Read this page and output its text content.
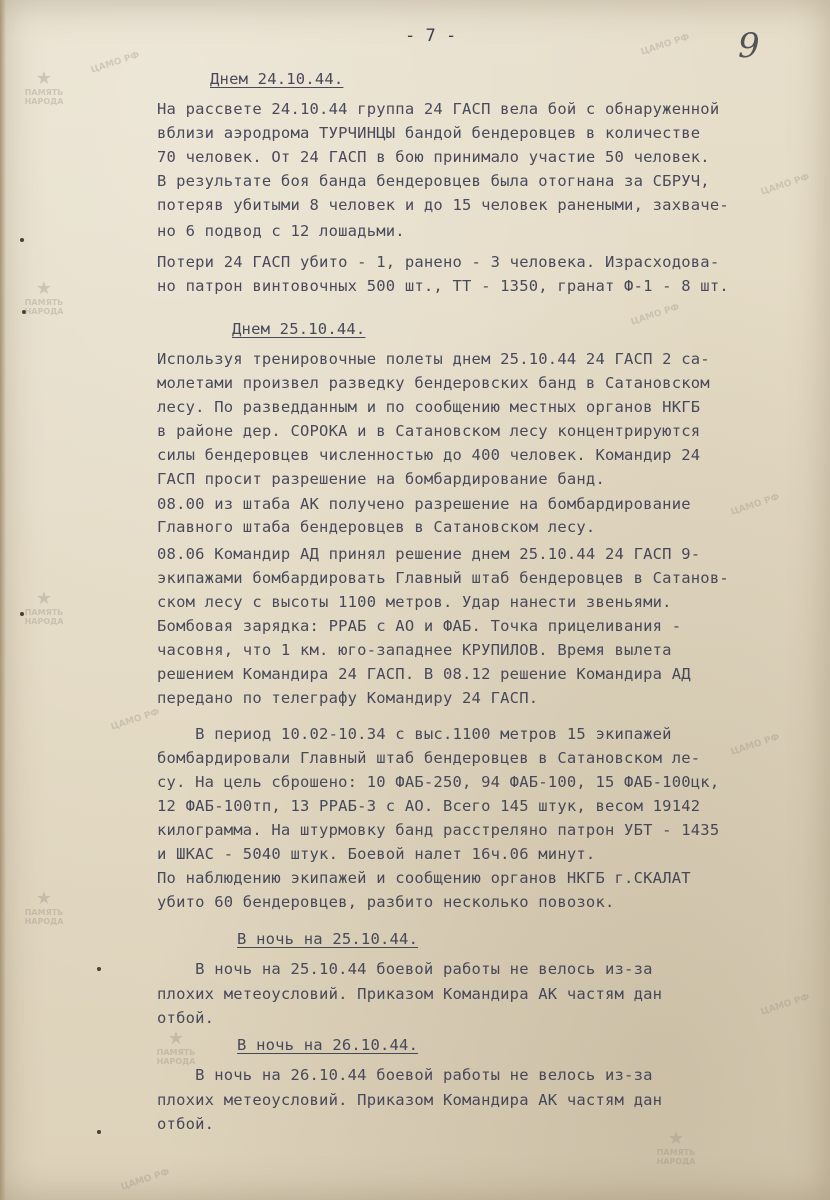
★
ПАМЯТЬ НАРОДА
★
ПАМЯТЬ НАРОДА
★
ПАМЯТЬ НАРОДА
★
ПАМЯТЬ НАРОДА
★
ПАМЯТЬ НАРОДА
★
ПАМЯТЬ НАРОДА
ЦАМО РФ
ЦАМО РФ
ЦАМО РФ
ЦАМО РФ
ЦАМО РФ
ЦАМО РФ
ЦАМО РФ
ЦАМО РФ
ЦАМО РФ
- 7 -	9
Днем 24.10.44.
На рассвете 24.10.44 группа 24 ГАСП вела бой с обнаруженной
вблизи аэродрома ТУРЧИНЦЫ бандой бендеровцев в количестве
70 человек. От 24 ГАСП в бою принимало участие 50 человек.
В результате боя банда бендеровцев была отогнана за СБРУЧ,
потеряв убитыми 8 человек и до 15 человек ранеными, захваче-
но 6 подвод с 12 лошадьми.
Потери 24 ГАСП убито - 1, ранено - 3 человека. Израсходова-
но патрон винтовочных 500 шт., ТТ - 1350, гранат Ф-1 - 8 шт.
Днем 25.10.44.
Используя тренировочные полеты днем 25.10.44 24 ГАСП 2 са-
молетами произвел разведку бендеровских банд в Сатановском
лесу. По разведданным и по сообщению местных органов НКГБ
в районе дер. СОРОКА и в Сатановском лесу концентрируются
силы бендеровцев численностью до 400 человек. Командир 24
ГАСП просит разрешение на бомбардирование банд.
08.00 из штаба АК получено разрешение на бомбардирование
Главного штаба бендеровцев в Сатановском лесу.
08.06 Командир АД принял решение днем 25.10.44 24 ГАСП 9-
экипажами бомбардировать Главный штаб бендеровцев в Сатанов-
ском лесу с высоты 1100 метров. Удар нанести звеньями.
Бомбовая зарядка: РРАБ с АО и ФАБ. Точка прицеливания -
часовня, что 1 км. юго-западнее КРУПИЛОВ. Время вылета
решением Командира 24 ГАСП. В 08.12 решение Командира АД
передано по телеграфу Командиру 24 ГАСП.
В период 10.02-10.34 с выс.1100 метров 15 экипажей
бомбардировали Главный штаб бендеровцев в Сатановском ле-
су. На цель сброшено: 10 ФАБ-250, 94 ФАБ-100, 15 ФАБ-100цк,
12 ФАБ-100тп, 13 РРАБ-3 с АО. Всего 145 штук, весом 19142
килограмма. На штурмовку банд расстреляно патрон УБТ - 1435
и ШКАС - 5040 штук. Боевой налет 16ч.06 минут.
По наблюдению экипажей и сообщению органов НКГБ г.СКАЛАТ
убито 60 бендеровцев, разбито несколько повозок.
В ночь на 25.10.44.
В ночь на 25.10.44 боевой работы не велось из-за
плохих метеоусловий. Приказом Командира АК частям дан
отбой.
В ночь на 26.10.44.
В ночь на 26.10.44 боевой работы не велось из-за
плохих метеоусловий. Приказом Командира АК частям дан
отбой.
